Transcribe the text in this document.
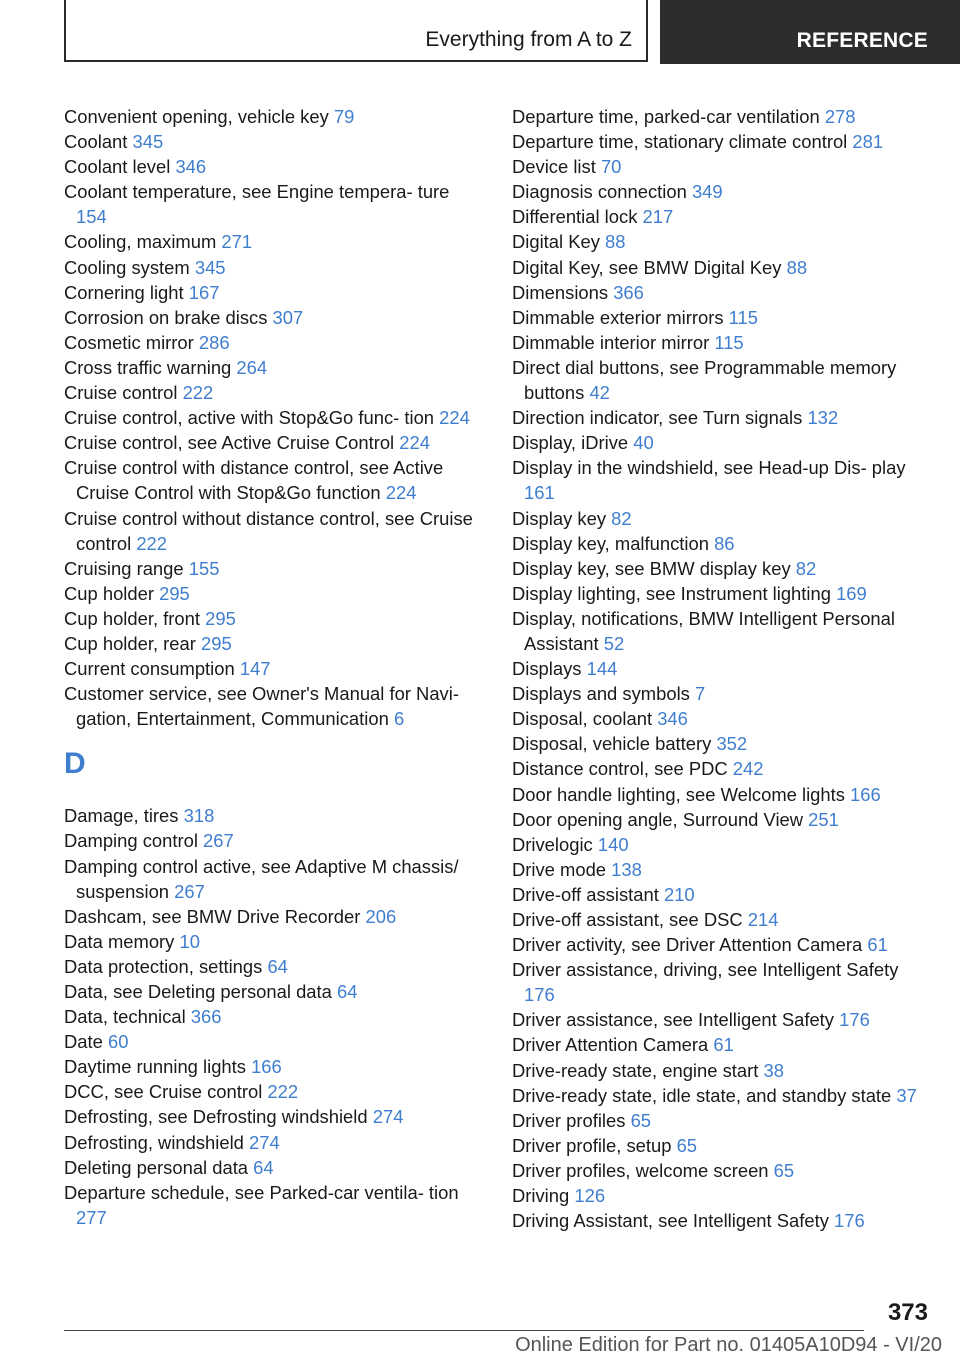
Everything from A to Z	REFERENCE
Convenient opening, vehicle key 79
Coolant 345
Coolant level 346
Coolant temperature, see Engine tempera- ture 154
Cooling, maximum 271
Cooling system 345
Cornering light 167
Corrosion on brake discs 307
Cosmetic mirror 286
Cross traffic warning 264
Cruise control 222
Cruise control, active with Stop&Go func- tion 224
Cruise control, see Active Cruise Control 224
Cruise control with distance control, see Active Cruise Control with Stop&Go function 224
Cruise control without distance control, see Cruise control 222
Cruising range 155
Cup holder 295
Cup holder, front 295
Cup holder, rear 295
Current consumption 147
Customer service, see Owner's Manual for Navi- gation, Entertainment, Communication 6
D
Damage, tires 318
Damping control 267
Damping control active, see Adaptive M chassis/ suspension 267
Dashcam, see BMW Drive Recorder 206
Data memory 10
Data protection, settings 64
Data, see Deleting personal data 64
Data, technical 366
Date 60
Daytime running lights 166
DCC, see Cruise control 222
Defrosting, see Defrosting windshield 274
Defrosting, windshield 274
Deleting personal data 64
Departure schedule, see Parked-car ventila- tion 277
Departure time, parked-car ventilation 278
Departure time, stationary climate control 281
Device list 70
Diagnosis connection 349
Differential lock 217
Digital Key 88
Digital Key, see BMW Digital Key 88
Dimensions 366
Dimmable exterior mirrors 115
Dimmable interior mirror 115
Direct dial buttons, see Programmable memory buttons 42
Direction indicator, see Turn signals 132
Display, iDrive 40
Display in the windshield, see Head-up Dis- play 161
Display key 82
Display key, malfunction 86
Display key, see BMW display key 82
Display lighting, see Instrument lighting 169
Display, notifications, BMW Intelligent Personal Assistant 52
Displays 144
Displays and symbols 7
Disposal, coolant 346
Disposal, vehicle battery 352
Distance control, see PDC 242
Door handle lighting, see Welcome lights 166
Door opening angle, Surround View 251
Drivelogic 140
Drive mode 138
Drive-off assistant 210
Drive-off assistant, see DSC 214
Driver activity, see Driver Attention Camera 61
Driver assistance, driving, see Intelligent Safety 176
Driver assistance, see Intelligent Safety 176
Driver Attention Camera 61
Drive-ready state, engine start 38
Drive-ready state, idle state, and standby state 37
Driver profiles 65
Driver profile, setup 65
Driver profiles, welcome screen 65
Driving 126
Driving Assistant, see Intelligent Safety 176
373
Online Edition for Part no. 01405A10D94 - VI/20
